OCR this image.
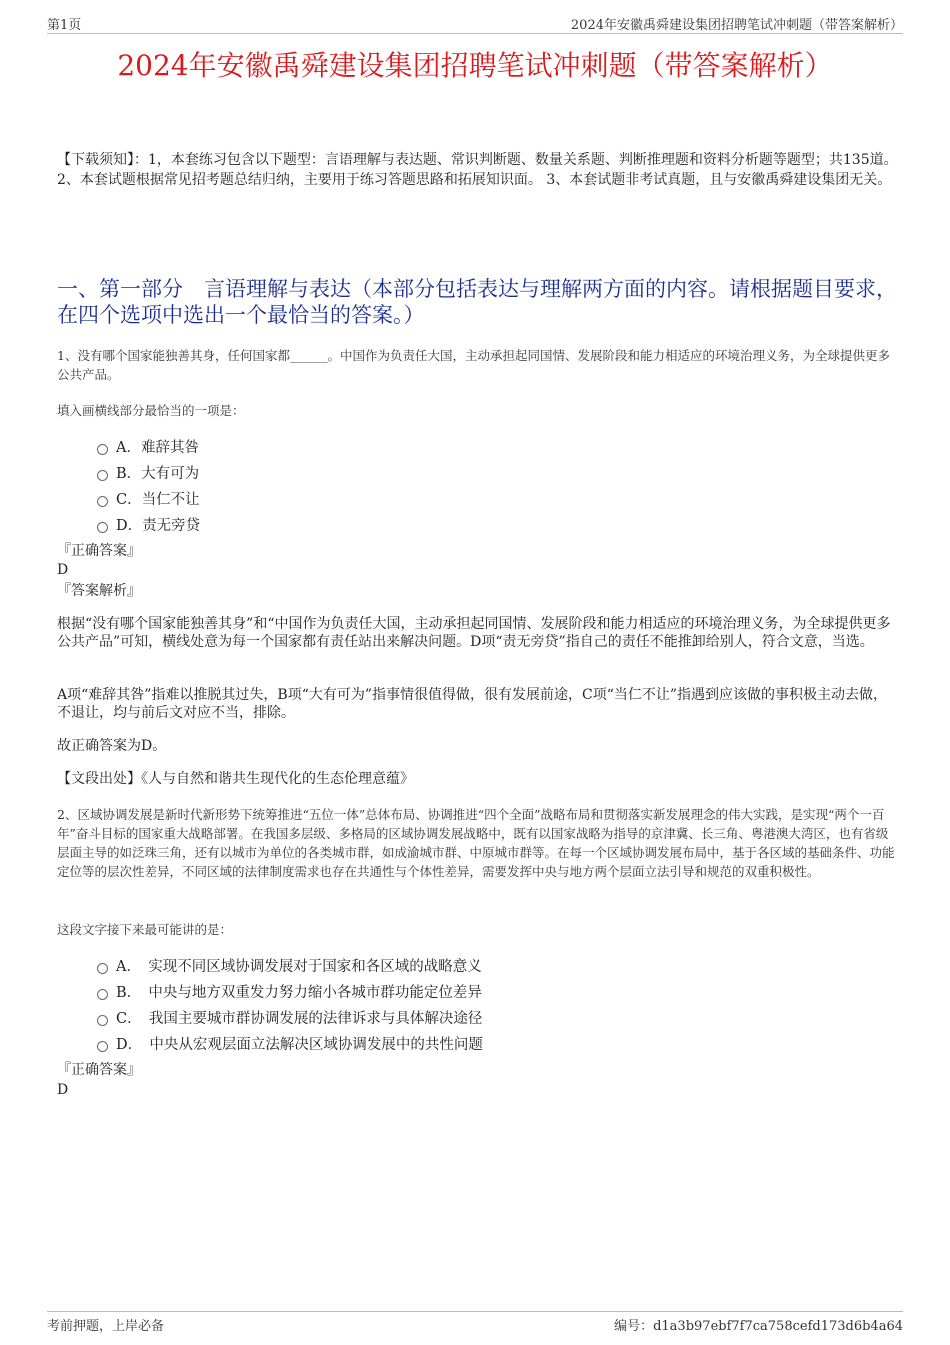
第1页	2024年安徽禹舜建设集团招聘笔试冲刺题（带答案解析）
2024年安徽禹舜建设集团招聘笔试冲刺题（带答案解析）
【下载须知】：1，本套练习包含以下题型：言语理解与表达题、常识判断题、数量关系题、判断推理题和资料分析题等题型；共135道。 2、本套试题根据常见招考题总结归纳，主要用于练习答题思路和拓展知识面。 3、本套试题非考试真题，且与安徽禹舜建设集团无关。
一、第一部分　言语理解与表达（本部分包括表达与理解两方面的内容。请根据题目要求，在四个选项中选出一个最恰当的答案。）
1、没有哪个国家能独善其身，任何国家都______。中国作为负责任大国，主动承担起同国情、发展阶段和能力相适应的环境治理义务，为全球提供更多公共产品。
填入画横线部分最恰当的一项是：
A．难辞其咎
B．大有可为
C．当仁不让
D．责无旁贷
『正确答案』
D
『答案解析』
根据“没有哪个国家能独善其身”和“中国作为负责任大国，主动承担起同国情、发展阶段和能力相适应的环境治理义务，为全球提供更多公共产品”可知，横线处意为每一个国家都有责任站出来解决问题。D项“责无旁贷”指自己的责任不能推卸给别人，符合文意，当选。
A项“难辞其咎”指难以推脱其过失，B项“大有可为”指事情很值得做，很有发展前途，C项“当仁不让”指遇到应该做的事积极主动去做，不退让，均与前后文对应不当，排除。
故正确答案为D。
【文段出处】《人与自然和谐共生现代化的生态伦理意蕴》
2、区域协调发展是新时代新形势下统筹推进“五位一体”总体布局、协调推进“四个全面”战略布局和贯彻落实新发展理念的伟大实践，是实现“两个一百年”奋斗目标的国家重大战略部署。在我国多层级、多格局的区域协调发展战略中，既有以国家战略为指导的京津冀、长三角、粤港澳大湾区，也有省级层面主导的如泛珠三角，还有以城市为单位的各类城市群，如成渝城市群、中原城市群等。在每一个区域协调发展布局中，基于各区域的基础条件、功能定位等的层次性差异，不同区域的法律制度需求也存在共通性与个体性差异，需要发挥中央与地方两个层面立法引导和规范的双重积极性。
这段文字接下来最可能讲的是：
A．　实现不同区域协调发展对于国家和各区域的战略意义
B．　中央与地方双重发力努力缩小各城市群功能定位差异
C．　我国主要城市群协调发展的法律诉求与具体解决途径
D．　中央从宏观层面立法解决区域协调发展中的共性问题
『正确答案』
D
考前押题，上岸必备	编号：d1a3b97ebf7f7ca758cefd173d6b4a64
